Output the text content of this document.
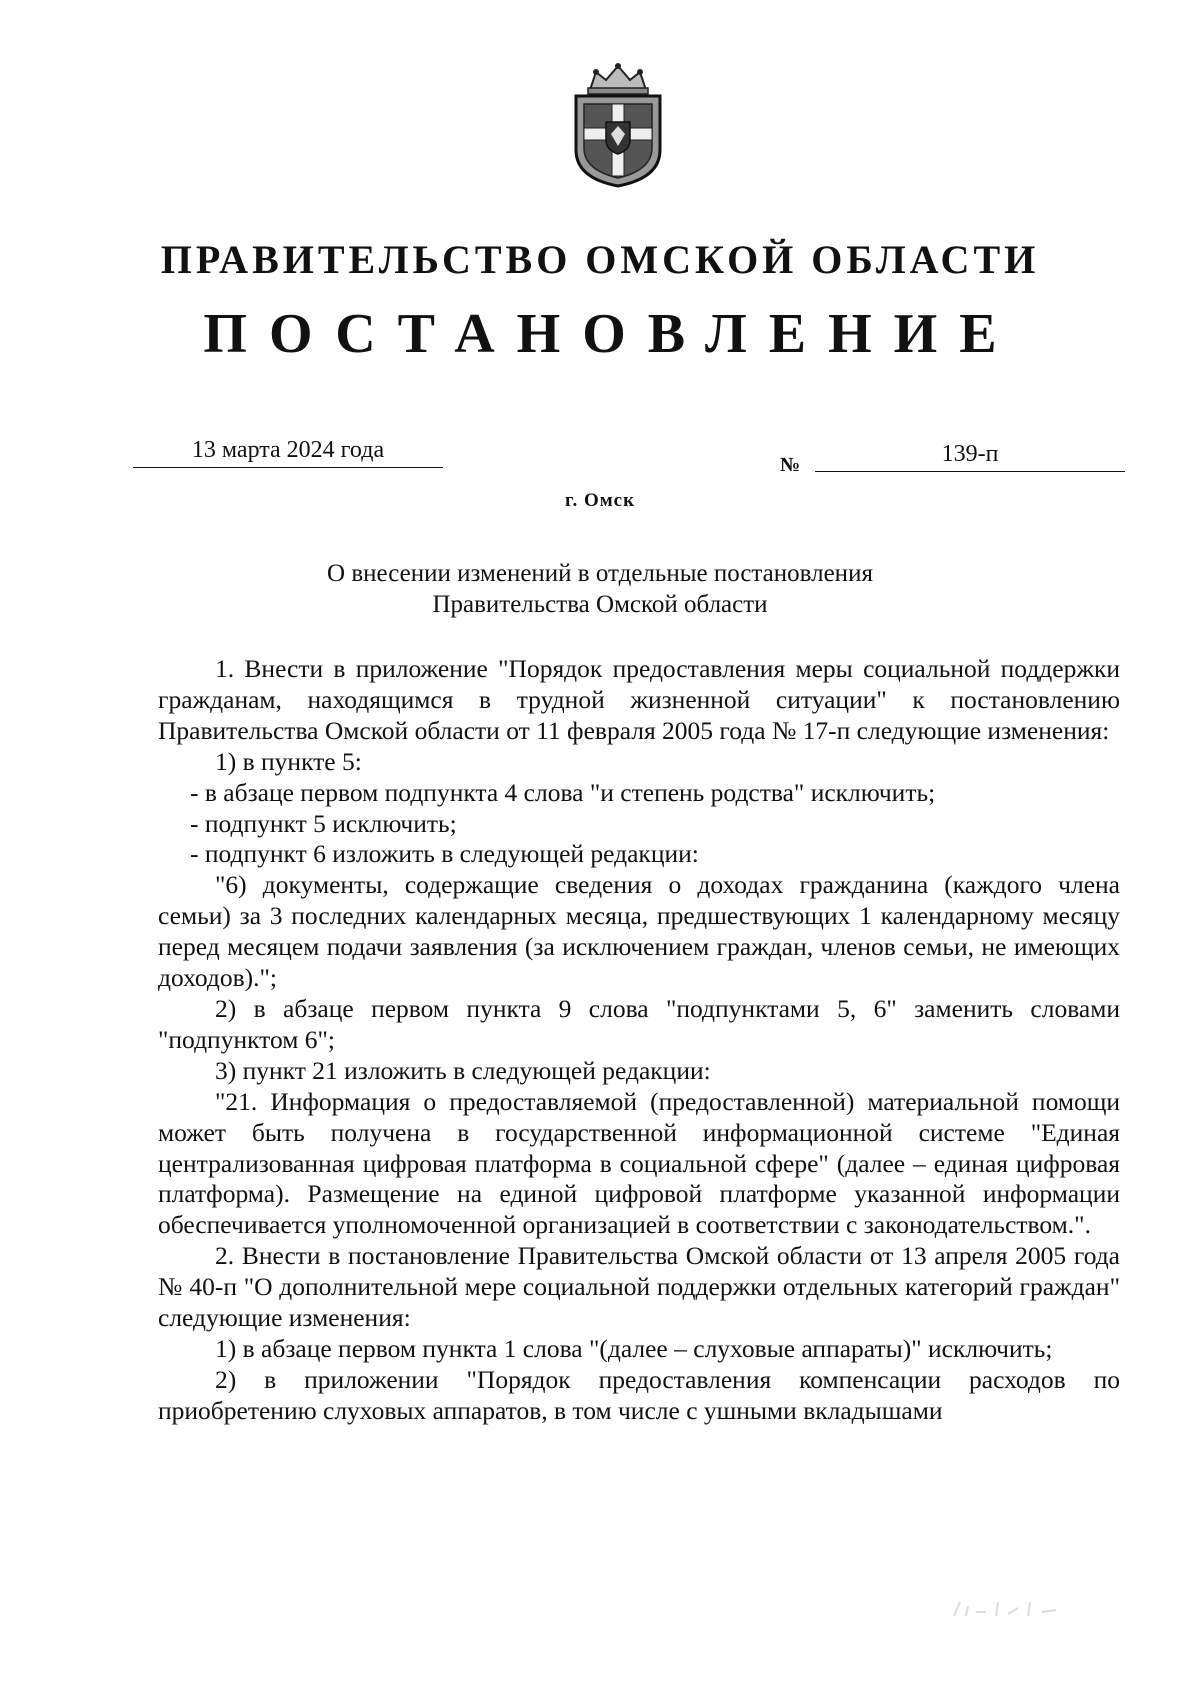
ПРАВИТЕЛЬСТВО ОМСКОЙ ОБЛАСТИ
ПОСТАНОВЛЕНИЕ
13 марта 2024 года
№	139-п
г. Омск
О внесении изменений в отдельные постановления
Правительства Омской области

1. Внести в приложение "Порядок предоставления меры социальной поддержки гражданам, находящимся в трудной жизненной ситуации" к постановлению Правительства Омской области от 11 февраля 2005 года № 17-п следующие изменения:

1) в пункте 5:

- в абзаце первом подпункта 4 слова "и степень родства" исключить;

- подпункт 5 исключить;

- подпункт 6 изложить в следующей редакции:

"6) документы, содержащие сведения о доходах гражданина (каждого члена семьи) за 3 последних календарных месяца, предшествующих 1 календарному месяцу перед месяцем подачи заявления (за исключением граждан, членов семьи, не имеющих доходов).";

2) в абзаце первом пункта 9 слова "подпунктами 5, 6" заменить словами "подпунктом 6";

3) пункт 21 изложить в следующей редакции:

"21. Информация о предоставляемой (предоставленной) материальной помощи может быть получена в государственной информационной системе "Единая централизованная цифровая платформа в социальной сфере" (далее – единая цифровая платформа). Размещение на единой цифровой платформе указанной информации обеспечивается уполномоченной организацией в соответствии с законодательством.".

2. Внести в постановление Правительства Омской области от 13 апреля 2005 года № 40-п "О дополнительной мере социальной поддержки отдельных категорий граждан" следующие изменения:

1) в абзаце первом пункта 1 слова "(далее – слуховые аппараты)" исключить;

2) в приложении "Порядок предоставления компенсации расходов по приобретению слуховых аппаратов, в том числе с ушными вкладышами
